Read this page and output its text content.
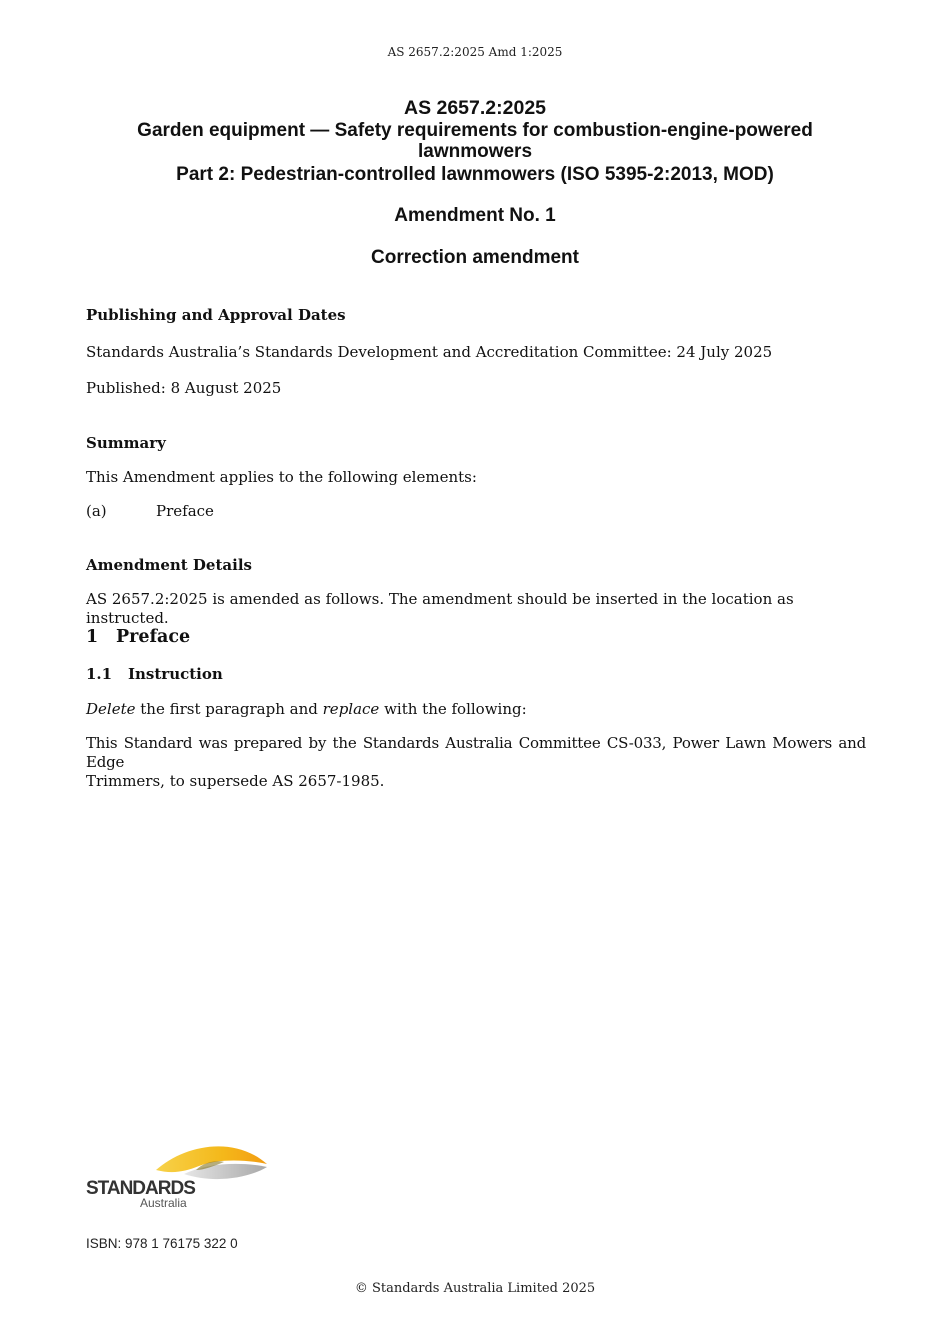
AS 2657.2:2025 Amd 1:2025
AS 2657.2:2025
Garden equipment — Safety requirements for combustion-engine-powered
lawnmowers
Part 2: Pedestrian-controlled lawnmowers (ISO 5395-2:2013, MOD)
Amendment No. 1
Correction amendment
Publishing and Approval Dates
Standards Australia’s Standards Development and Accreditation Committee: 24 July 2025
Published: 8 August 2025
Summary
This Amendment applies to the following elements:
(a)	Preface
Amendment Details
AS 2657.2:2025 is amended as follows. The amendment should be inserted in the location as instructed.
1 Preface
1.1 Instruction
Delete the first paragraph and replace with the following:
This Standard was prepared by the Standards Australia Committee CS-033, Power Lawn Mowers and Edge
Trimmers, to supersede AS 2657-1985.
STANDARDS
Australia
ISBN: 978 1 76175 322 0
© Standards Australia Limited 2025
